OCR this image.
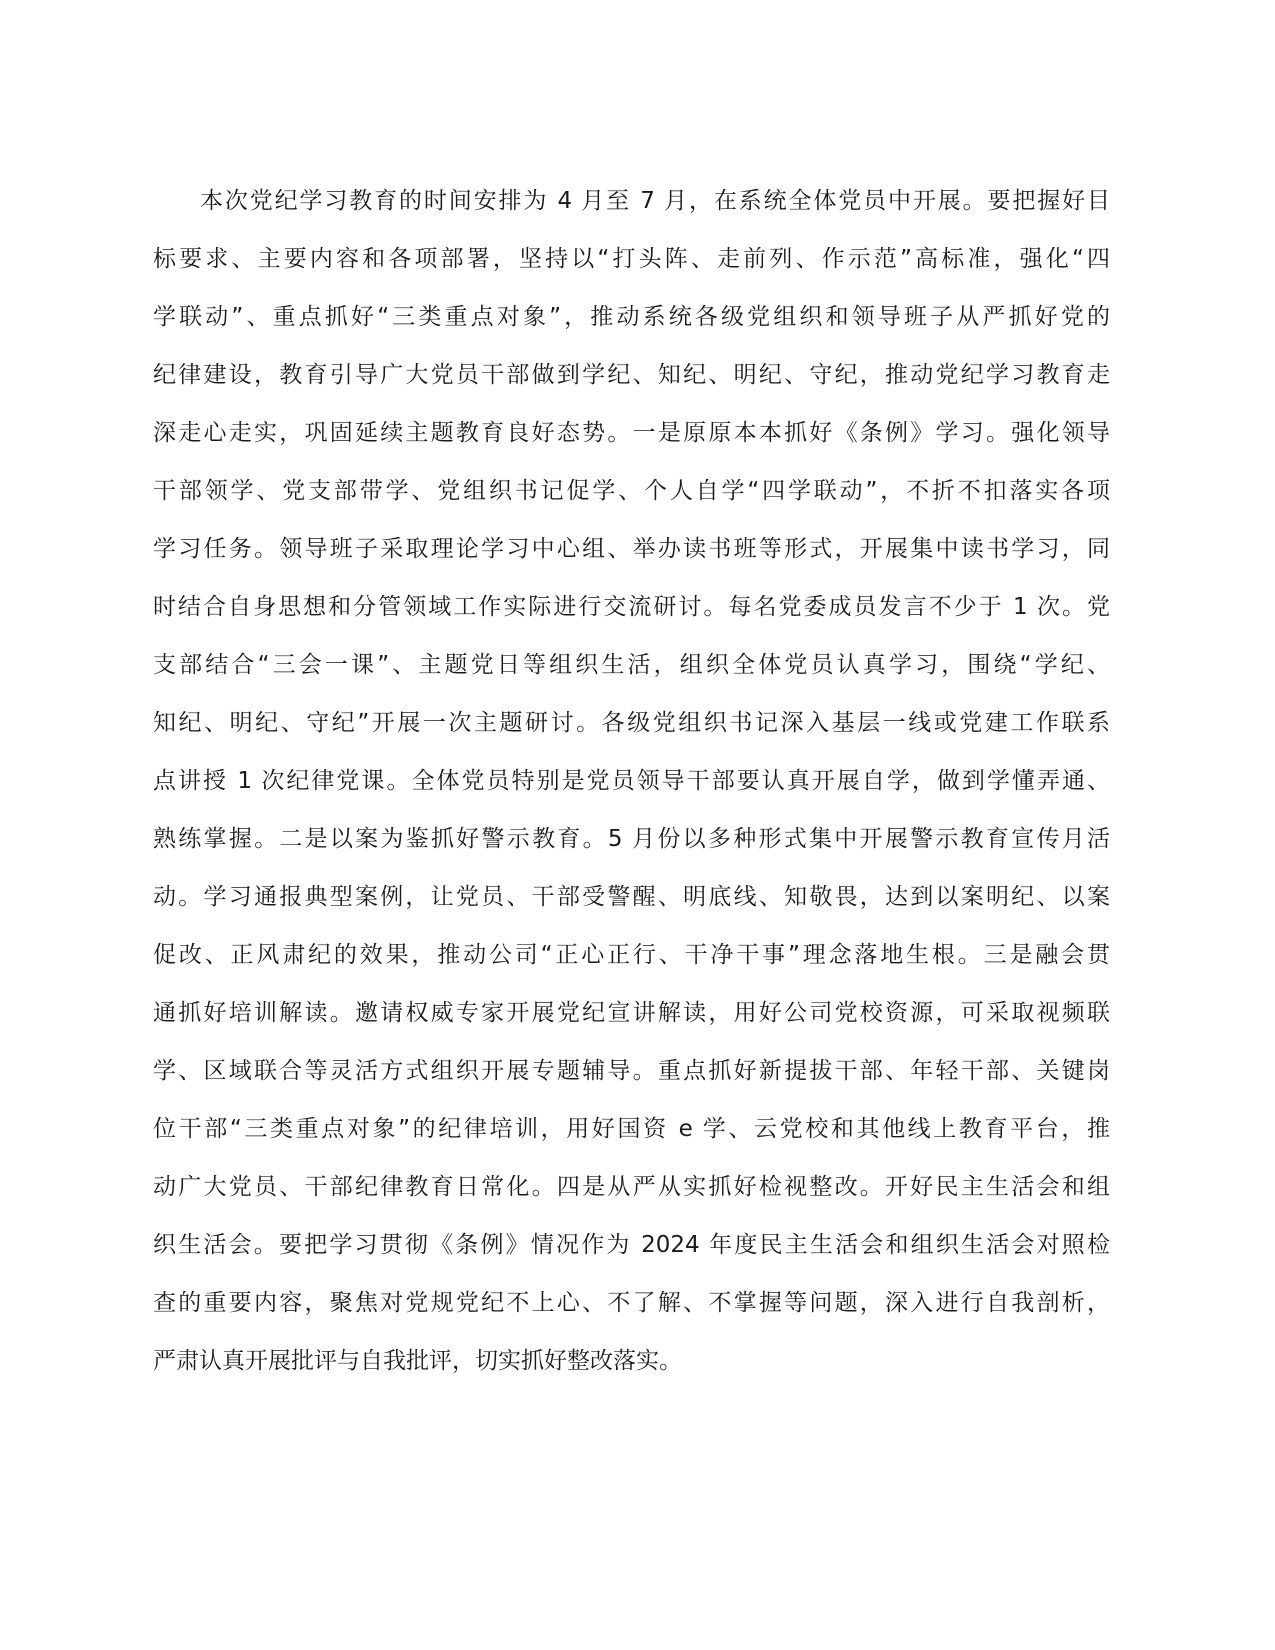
本次党纪学习教育的时间安排为 4 月至 7 月，在系统全体党员中开展。要把握好目
标要求、主要内容和各项部署，坚持以“打头阵、走前列、作示范”高标准，强化“四
学联动”、重点抓好“三类重点对象”，推动系统各级党组织和领导班子从严抓好党的
纪律建设，教育引导广大党员干部做到学纪、知纪、明纪、守纪，推动党纪学习教育走
深走心走实，巩固延续主题教育良好态势。一是原原本本抓好《条例》学习。强化领导
干部领学、党支部带学、党组织书记促学、个人自学“四学联动”，不折不扣落实各项
学习任务。领导班子采取理论学习中心组、举办读书班等形式，开展集中读书学习，同
时结合自身思想和分管领域工作实际进行交流研讨。每名党委成员发言不少于 1 次。党
支部结合“三会一课”、主题党日等组织生活，组织全体党员认真学习，围绕“学纪、
知纪、明纪、守纪”开展一次主题研讨。各级党组织书记深入基层一线或党建工作联系
点讲授 1 次纪律党课。全体党员特别是党员领导干部要认真开展自学，做到学懂弄通、
熟练掌握。二是以案为鉴抓好警示教育。5 月份以多种形式集中开展警示教育宣传月活
动。学习通报典型案例，让党员、干部受警醒、明底线、知敬畏，达到以案明纪、以案
促改、正风肃纪的效果，推动公司“正心正行、干净干事”理念落地生根。三是融会贯
通抓好培训解读。邀请权威专家开展党纪宣讲解读，用好公司党校资源，可采取视频联
学、区域联合等灵活方式组织开展专题辅导。重点抓好新提拔干部、年轻干部、关键岗
位干部“三类重点对象”的纪律培训，用好国资 e 学、云党校和其他线上教育平台，推
动广大党员、干部纪律教育日常化。四是从严从实抓好检视整改。开好民主生活会和组
织生活会。要把学习贯彻《条例》情况作为 2024 年度民主生活会和组织生活会对照检
查的重要内容，聚焦对党规党纪不上心、不了解、不掌握等问题，深入进行自我剖析，
严肃认真开展批评与自我批评，切实抓好整改落实。
